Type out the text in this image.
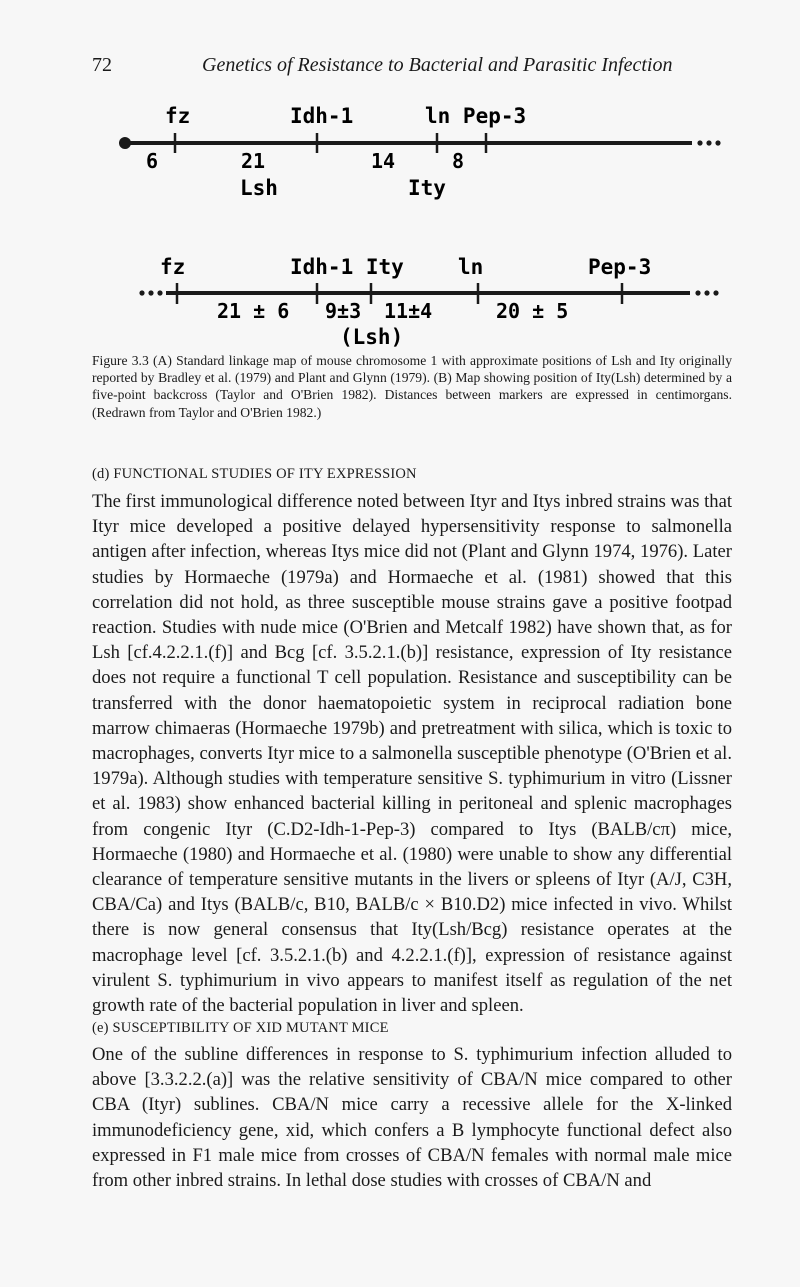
72	Genetics of Resistance to Bacterial and Parasitic Infection
fz	Idh-1	ln Pep-3
6	21	14	8
Lsh	Ity
fz	Idh-1 Ity	ln	Pep-3
21 ± 6 9±3 11±4	20 ± 5
(Lsh)
Figure 3.3 (A) Standard linkage map of mouse chromosome 1 with approximate positions of Lsh and Ity originally reported by Bradley et al. (1979) and Plant and Glynn (1979). (B) Map showing position of Ity(Lsh) determined by a five-point backcross (Taylor and O'Brien 1982). Distances between markers are expressed in centimorgans. (Redrawn from Taylor and O'Brien 1982.)
(d) FUNCTIONAL STUDIES OF ITY EXPRESSION
The first immunological difference noted between Ityr and Itys inbred strains was that Ityr mice developed a positive delayed hypersensitivity response to salmonella antigen after infection, whereas Itys mice did not (Plant and Glynn 1974, 1976). Later studies by Hormaeche (1979a) and Hormaeche et al. (1981) showed that this correlation did not hold, as three susceptible mouse strains gave a positive footpad reaction. Studies with nude mice (O'Brien and Metcalf 1982) have shown that, as for Lsh [cf.4.2.2.1.(f)] and Bcg [cf. 3.5.2.1.(b)] resistance, expression of Ity resistance does not require a functional T cell population. Resistance and susceptibility can be transferred with the donor haematopoietic system in reciprocal radiation bone marrow chimaeras (Hormaeche 1979b) and pretreatment with silica, which is toxic to macrophages, converts Ityr mice to a salmonella susceptible phenotype (O'Brien et al. 1979a). Although studies with temperature sensitive S. typhimurium in vitro (Lissner et al. 1983) show enhanced bacterial killing in peritoneal and splenic macrophages from congenic Ityr (C.D2-Idh-1-Pep-3) compared to Itys (BALB/cπ) mice, Hormaeche (1980) and Hormaeche et al. (1980) were unable to show any differential clearance of temperature sensitive mutants in the livers or spleens of Ityr (A/J, C3H, CBA/Ca) and Itys (BALB/c, B10, BALB/c × B10.D2) mice infected in vivo. Whilst there is now general consensus that Ity(Lsh/Bcg) resistance operates at the macrophage level [cf. 3.5.2.1.(b) and 4.2.2.1.(f)], expression of resistance against virulent S. typhimurium in vivo appears to manifest itself as regulation of the net growth rate of the bacterial population in liver and spleen.
(e) SUSCEPTIBILITY OF XID MUTANT MICE
One of the subline differences in response to S. typhimurium infection alluded to above [3.3.2.2.(a)] was the relative sensitivity of CBA/N mice compared to other CBA (Ityr) sublines. CBA/N mice carry a recessive allele for the X-linked immunodeficiency gene, xid, which confers a B lymphocyte functional defect also expressed in F1 male mice from crosses of CBA/N females with normal male mice from other inbred strains. In lethal dose studies with crosses of CBA/N and
